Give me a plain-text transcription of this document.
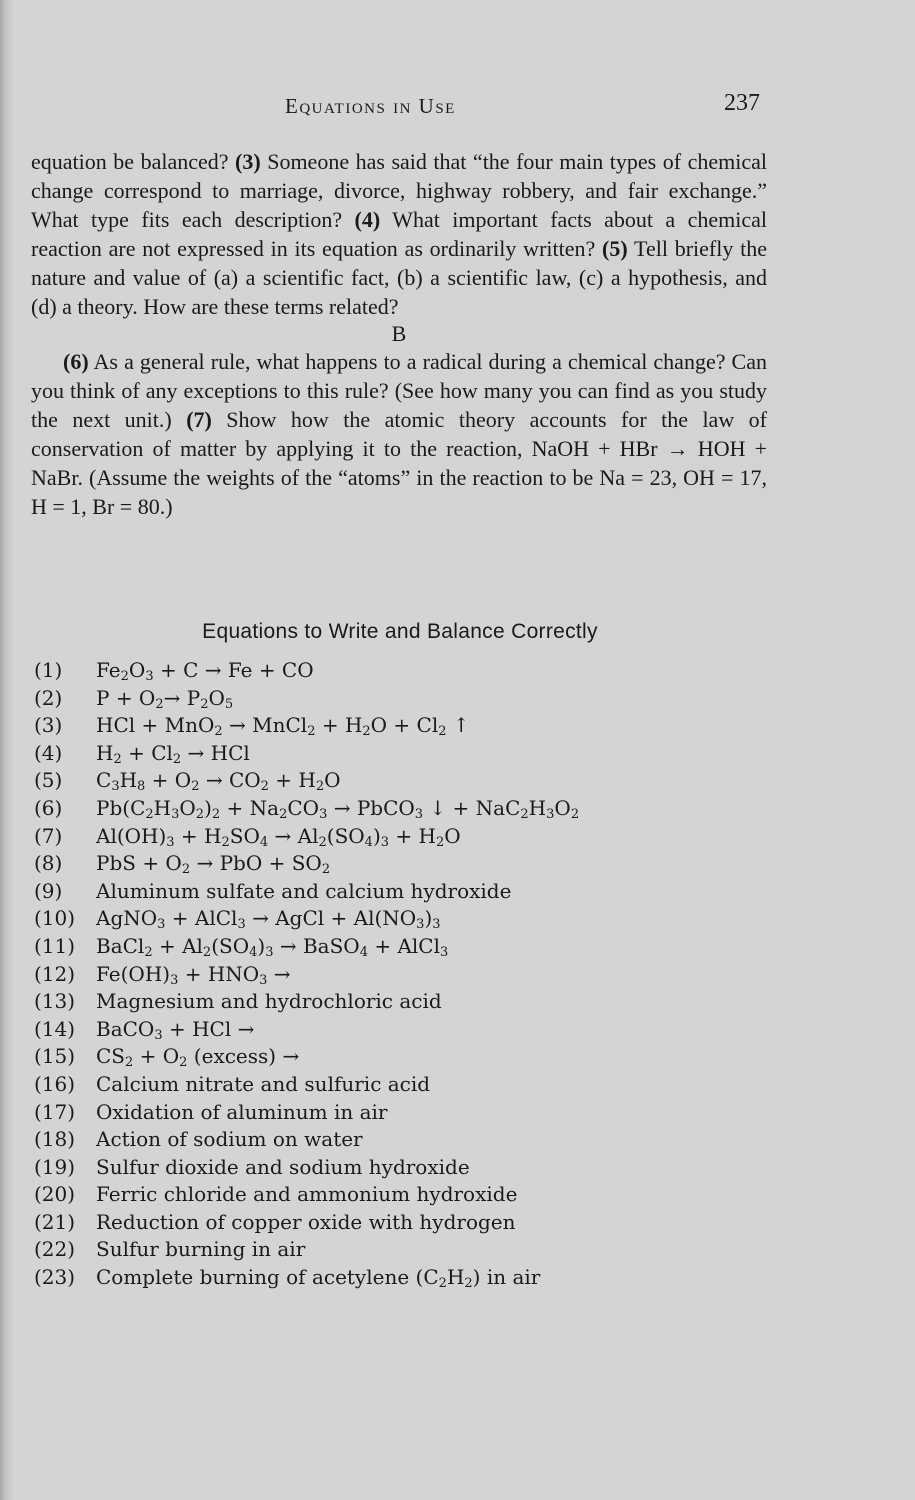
Equations in Use	237

equation be balanced? (3) Someone has said that “the four main types of chemical change correspond to marriage, divorce, highway robbery, and fair exchange.” What type fits each description? (4) What important facts about a chemical reaction are not expressed in its equation as ordinarily written? (5) Tell briefly the nature and value of (a) a scientific fact, (b) a scientific law, (c) a hypothesis, and (d) a theory. How are these terms related?

B

(6) As a general rule, what happens to a radical during a chemical change? Can you think of any exceptions to this rule? (See how many you can find as you study the next unit.) (7) Show how the atomic theory accounts for the law of conservation of matter by applying it to the reaction, NaOH + HBr → HOH + NaBr. (Assume the weights of the “atoms” in the reaction to be Na = 23, OH = 17, H = 1, Br = 80.)

Equations to Write and Balance Correctly
(1) $Fe_2O_3 + C \to Fe$ + CO
(2) $P + O_2\to P_2O_5$
(3) HCl + MnO$_2$ → MnCl$_2$ + $H_2O + Cl_2$ ↑
(4) $H_2 + Cl_2$ → HCl
(5) $C_3H_8 + O_2 \to CO_2 + H_2O$
(6) $Pb(C_2H_3O_2)_2 + Na_2CO_3$ → PbCO$_3$ ↓ + $NaC_2H_3O_2$
(7) $Al(OH)_3 + H_2SO_4 \to Al_2(SO_4)_3 + H_2O$
(8) PbS + $O_2$ → PbO + $SO_2$
(9) Aluminum sulfate and calcium hydroxide
(10) AgNO$_3$ + AlCl$_3$ → AgCl + $Al(NO_3)_3$
(11) BaCl$_2$ + $Al_2(SO_4)_3$ → BaSO$_4$ + AlCl$_3$
(12) $Fe(OH)_3 + HNO_3$ →
(13) Magnesium and hydrochloric acid
(14) BaCO$_3$ + HCl →
(15) $CS_2 + O_2$ (excess) →
(16) Calcium nitrate and sulfuric acid
(17) Oxidation of aluminum in air
(18) Action of sodium on water
(19) Sulfur dioxide and sodium hydroxide
(20) Ferric chloride and ammonium hydroxide
(21) Reduction of copper oxide with hydrogen
(22) Sulfur burning in air
(23) Complete burning of acetylene $(C_2H_2)$ in air
